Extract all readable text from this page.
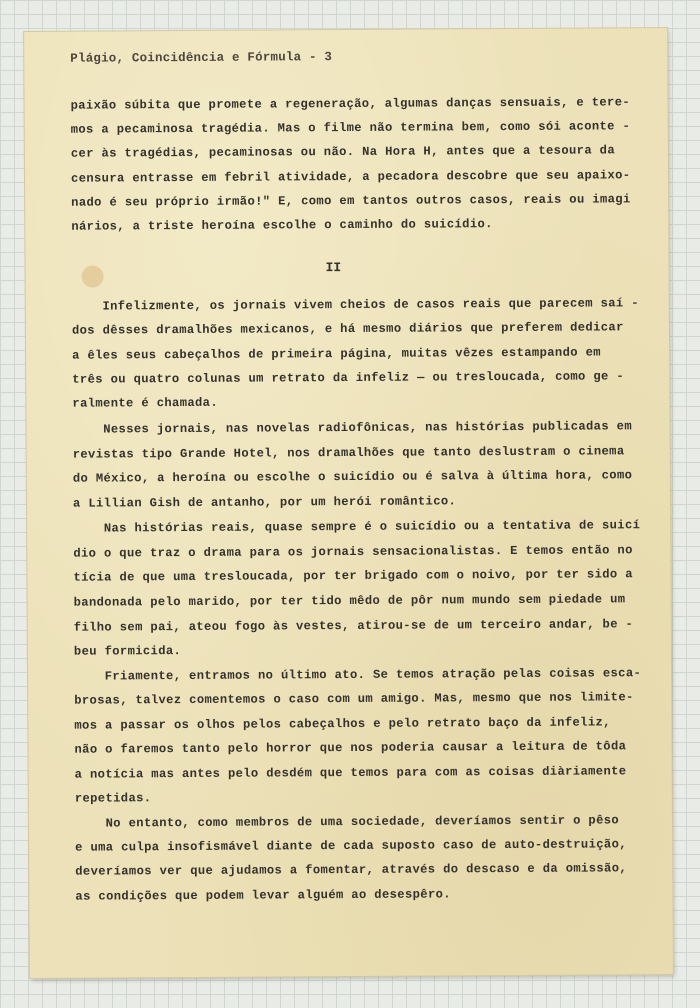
Plágio, Coincidência e Fórmula - 3
II
paixão súbita que promete a regeneração, algumas danças sensuais, e tere-
mos a pecaminosa tragédia. Mas o filme não termina bem, como sói aconte -
cer às tragédias, pecaminosas ou não. Na Hora H, antes que a tesoura da
censura entrasse em febril atividade, a pecadora descobre que seu apaixo-
nado é seu próprio irmão!" E, como em tantos outros casos, reais ou imagi
nários, a triste heroína escolhe o caminho do suicídio.
Infelizmente, os jornais vivem cheios de casos reais que parecem saí -
dos dêsses dramalhões mexicanos, e há mesmo diários que preferem dedicar
a êles seus cabeçalhos de primeira página, muitas vêzes estampando em
três ou quatro colunas um retrato da infeliz — ou tresloucada, como ge -
ralmente é chamada.
Nesses jornais, nas novelas radiofônicas, nas histórias publicadas em
revistas tipo Grande Hotel, nos dramalhões que tanto deslustram o cinema
do México, a heroína ou escolhe o suicídio ou é salva à última hora, como
a Lillian Gish de antanho, por um herói romântico.
Nas histórias reais, quase sempre é o suicídio ou a tentativa de suicí
dio o que traz o drama para os jornais sensacionalistas. E temos então no
tícia de que uma tresloucada, por ter brigado com o noivo, por ter sido a
bandonada pelo marido, por ter tido mêdo de pôr num mundo sem piedade um
filho sem pai, ateou fogo às vestes, atirou-se de um terceiro andar, be -
beu formicida.
Friamente, entramos no último ato. Se temos atração pelas coisas esca-
brosas, talvez comentemos o caso com um amigo. Mas, mesmo que nos limite-
mos a passar os olhos pelos cabeçalhos e pelo retrato baço da infeliz,
não o faremos tanto pelo horror que nos poderia causar a leitura de tôda
a notícia mas antes pelo desdém que temos para com as coisas diàriamente
repetidas.
No entanto, como membros de uma sociedade, deveríamos sentir o pêso
e uma culpa insofismável diante de cada suposto caso de auto-destruição,
deveríamos ver que ajudamos a fomentar, através do descaso e da omissão,
as condições que podem levar alguém ao desespêro.
